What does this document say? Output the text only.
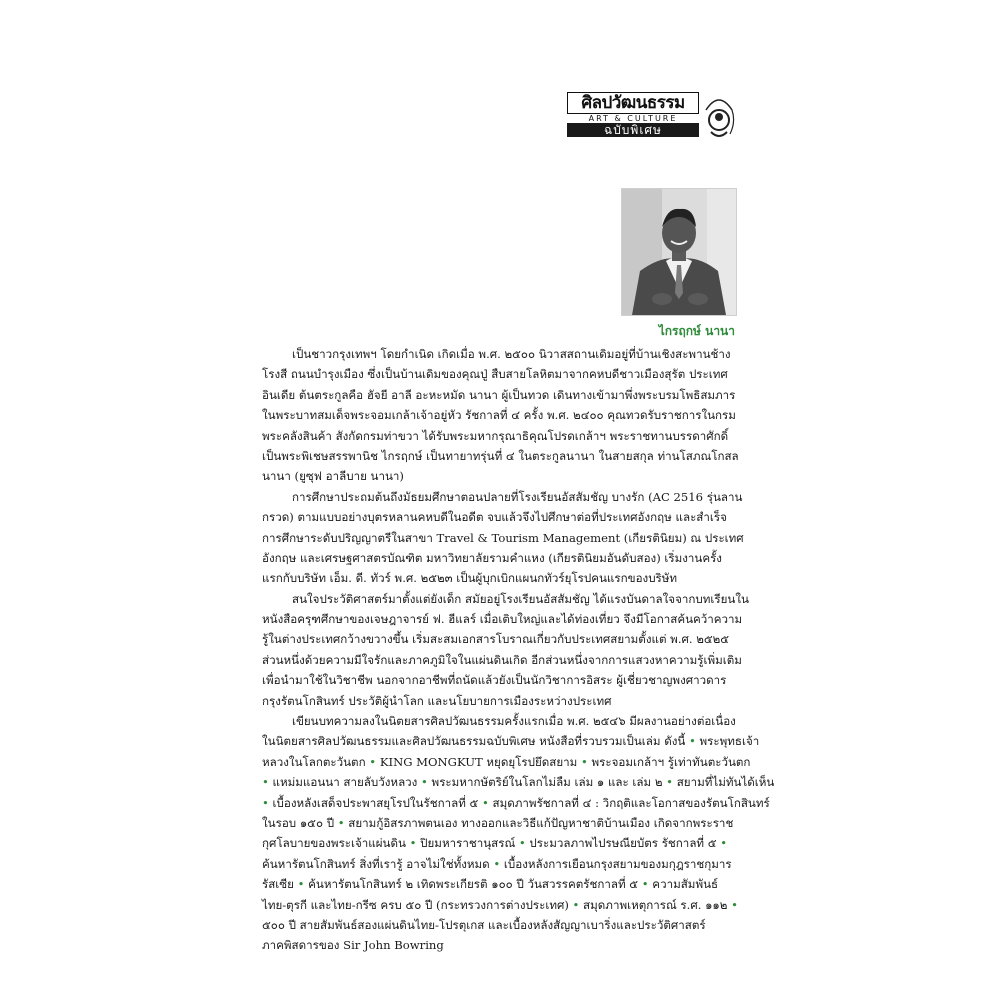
ศิลปวัฒนธรรม
ART & CULTURE
ฉบับพิเศษ
ไกรฤกษ์ นานา
เป็นชาวกรุงเทพฯ โดยกำเนิด เกิดเมื่อ พ.ศ. ๒๕๐๐ นิวาสสถานเดิมอยู่ที่บ้านเชิงสะพานช้าง
โรงสี ถนนบำรุงเมือง ซึ่งเป็นบ้านเดิมของคุณปู่ สืบสายโลหิตมาจากคหบดีชาวเมืองสุรัต ประเทศ
อินเดีย ต้นตระกูลคือ ฮัจยี อาลี อะหะหมัด นานา ผู้เป็นทวด เดินทางเข้ามาพึ่งพระบรมโพธิสมภาร
ในพระบาทสมเด็จพระจอมเกล้าเจ้าอยู่หัว รัชกาลที่ ๔ ครั้ง พ.ศ. ๒๔๐๐ คุณทวดรับราชการในกรม
พระคลังสินค้า สังกัดกรมท่าขวา ได้รับพระมหากรุณาธิคุณโปรดเกล้าฯ พระราชทานบรรดาศักดิ์
เป็นพระพิเชษสรรพานิช ไกรฤกษ์ เป็นทายาทรุ่นที่ ๔ ในตระกูลนานา ในสายสกุล ท่านโสภณโกสล
นานา (ยูซุฟ อาลีบาย นานา)
การศึกษาประถมต้นถึงมัธยมศึกษาตอนปลายที่โรงเรียนอัสสัมชัญ บางรัก (AC 2516 รุ่นลาน
กรวด) ตามแบบอย่างบุตรหลานคหบดีในอดีต จบแล้วจึงไปศึกษาต่อที่ประเทศอังกฤษ และสำเร็จ
การศึกษาระดับปริญญาตรีในสาขา Travel & Tourism Management (เกียรตินิยม) ณ ประเทศ
อังกฤษ และเศรษฐศาสตรบัณฑิต มหาวิทยาลัยรามคำแหง (เกียรตินิยมอันดับสอง) เริ่มงานครั้ง
แรกกับบริษัท เอ็ม. ดี. ทัวร์ พ.ศ. ๒๕๒๓ เป็นผู้บุกเบิกแผนกทัวร์ยุโรปคนแรกของบริษัท
สนใจประวัติศาสตร์มาตั้งแต่ยังเด็ก สมัยอยู่โรงเรียนอัสสัมชัญ ได้แรงบันดาลใจจากบทเรียนใน
หนังสือครุฑศึกษาของเจษฎาจารย์ ฟ. ฮีแลร์ เมื่อเติบใหญ่และได้ท่องเที่ยว จึงมีโอกาสค้นคว้าความ
รู้ในต่างประเทศกว้างขวางขึ้น เริ่มสะสมเอกสารโบราณเกี่ยวกับประเทศสยามตั้งแต่ พ.ศ. ๒๕๒๕
ส่วนหนึ่งด้วยความมีใจรักและภาคภูมิใจในแผ่นดินเกิด อีกส่วนหนึ่งจากการแสวงหาความรู้เพิ่มเติม
เพื่อนำมาใช้ในวิชาชีพ นอกจากอาชีพที่ถนัดแล้วยังเป็นนักวิชาการอิสระ ผู้เชี่ยวชาญพงศาวดาร
กรุงรัตนโกสินทร์ ประวัติผู้นำโลก และนโยบายการเมืองระหว่างประเทศ
เขียนบทความลงในนิตยสารศิลปวัฒนธรรมครั้งแรกเมื่อ พ.ศ. ๒๕๔๖ มีผลงานอย่างต่อเนื่อง
ในนิตยสารศิลปวัฒนธรรมและศิลปวัฒนธรรมฉบับพิเศษ หนังสือที่รวบรวมเป็นเล่ม ดังนี้ • พระพุทธเจ้า
หลวงในโลกตะวันตก • KING MONGKUT หยุดยุโรปยึดสยาม • พระจอมเกล้าฯ รู้เท่าทันตะวันตก
• แหม่มแอนนา สายลับวังหลวง • พระมหากษัตริย์ในโลกไม่ลืม เล่ม ๑ และ เล่ม ๒ • สยามที่ไม่ทันได้เห็น
• เบื้องหลังเสด็จประพาสยุโรปในรัชกาลที่ ๕ • สมุดภาพรัชกาลที่ ๔ : วิกฤติและโอกาสของรัตนโกสินทร์
ในรอบ ๑๕๐ ปี • สยามกู้อิสรภาพตนเอง ทางออกและวิธีแก้ปัญหาชาติบ้านเมือง เกิดจากพระราช
กุศโลบายของพระเจ้าแผ่นดิน • ปิยมหาราชานุสรณ์ • ประมวลภาพไปรษณียบัตร รัชกาลที่ ๕ •
ค้นหารัตนโกสินทร์ สิ่งที่เรารู้ อาจไม่ใช่ทั้งหมด • เบื้องหลังการเยือนกรุงสยามของมกุฎราชกุมาร
รัสเซีย • ค้นหารัตนโกสินทร์ ๒ เทิดพระเกียรติ ๑๐๐ ปี วันสวรรคตรัชกาลที่ ๕ • ความสัมพันธ์
ไทย-ตุรกี และไทย-กรีซ ครบ ๕๐ ปี (กระทรวงการต่างประเทศ) • สมุดภาพเหตุการณ์ ร.ศ. ๑๑๒ •
๕๐๐ ปี สายสัมพันธ์สองแผ่นดินไทย-โปรตุเกส และเบื้องหลังสัญญาเบาริ่งและประวัติศาสตร์
ภาคพิสดารของ Sir John Bowring
